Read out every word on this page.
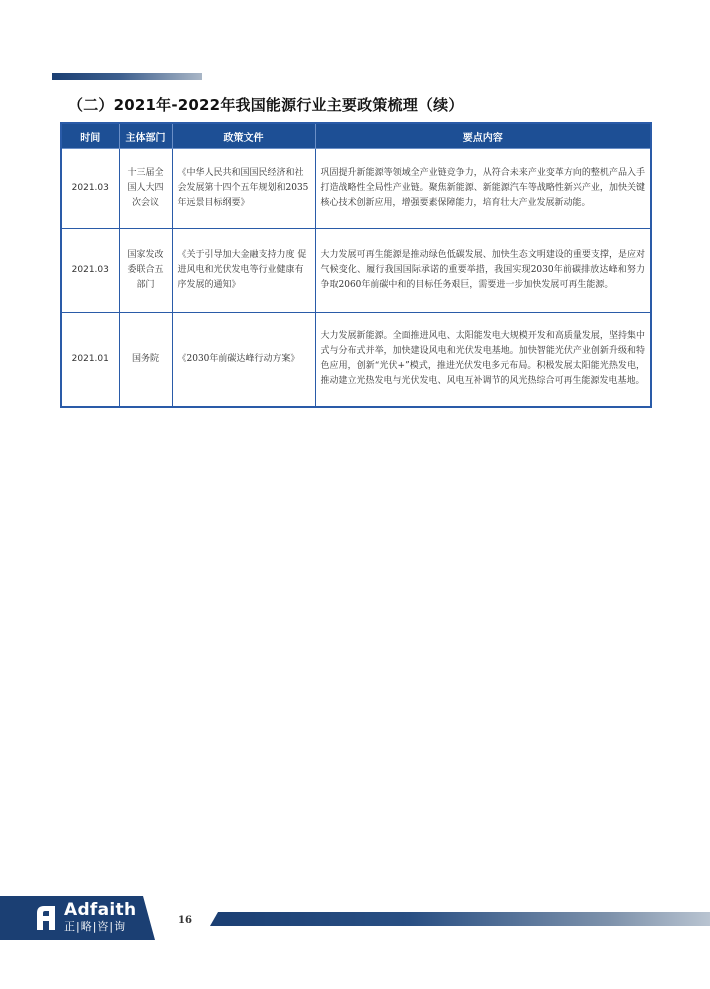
（二）2021年-2022年我国能源行业主要政策梳理（续）
时间	主体部门	政策文件	要点内容
2021.03	十三届全国人大四次会议	《中华人民共和国国民经济和社会发展第十四个五年规划和2035年远景目标纲要》	巩固提升新能源等领域全产业链竞争力，从符合未来产业变革方向的整机产品入手打造战略性全局性产业链。聚焦新能源、新能源汽车等战略性新兴产业，加快关键核心技术创新应用，增强要素保障能力，培育壮大产业发展新动能。
2021.03	国家发改委联合五部门	《关于引导加大金融支持力度 促进风电和光伏发电等行业健康有序发展的通知》	大力发展可再生能源是推动绿色低碳发展、加快生态文明建设的重要支撑，是应对气候变化、履行我国国际承诺的重要举措，我国实现2030年前碳排放达峰和努力争取2060年前碳中和的目标任务艰巨，需要进一步加快发展可再生能源。
2021.01	国务院	《2030年前碳达峰行动方案》	大力发展新能源。全面推进风电、太阳能发电大规模开发和高质量发展，坚持集中式与分布式并举，加快建设风电和光伏发电基地。加快智能光伏产业创新升级和特色应用，创新“光伏+”模式，推进光伏发电多元布局。积极发展太阳能光热发电，推动建立光热发电与光伏发电、风电互补调节的风光热综合可再生能源发电基地。
Adfaith
正|略|咨|询	16
